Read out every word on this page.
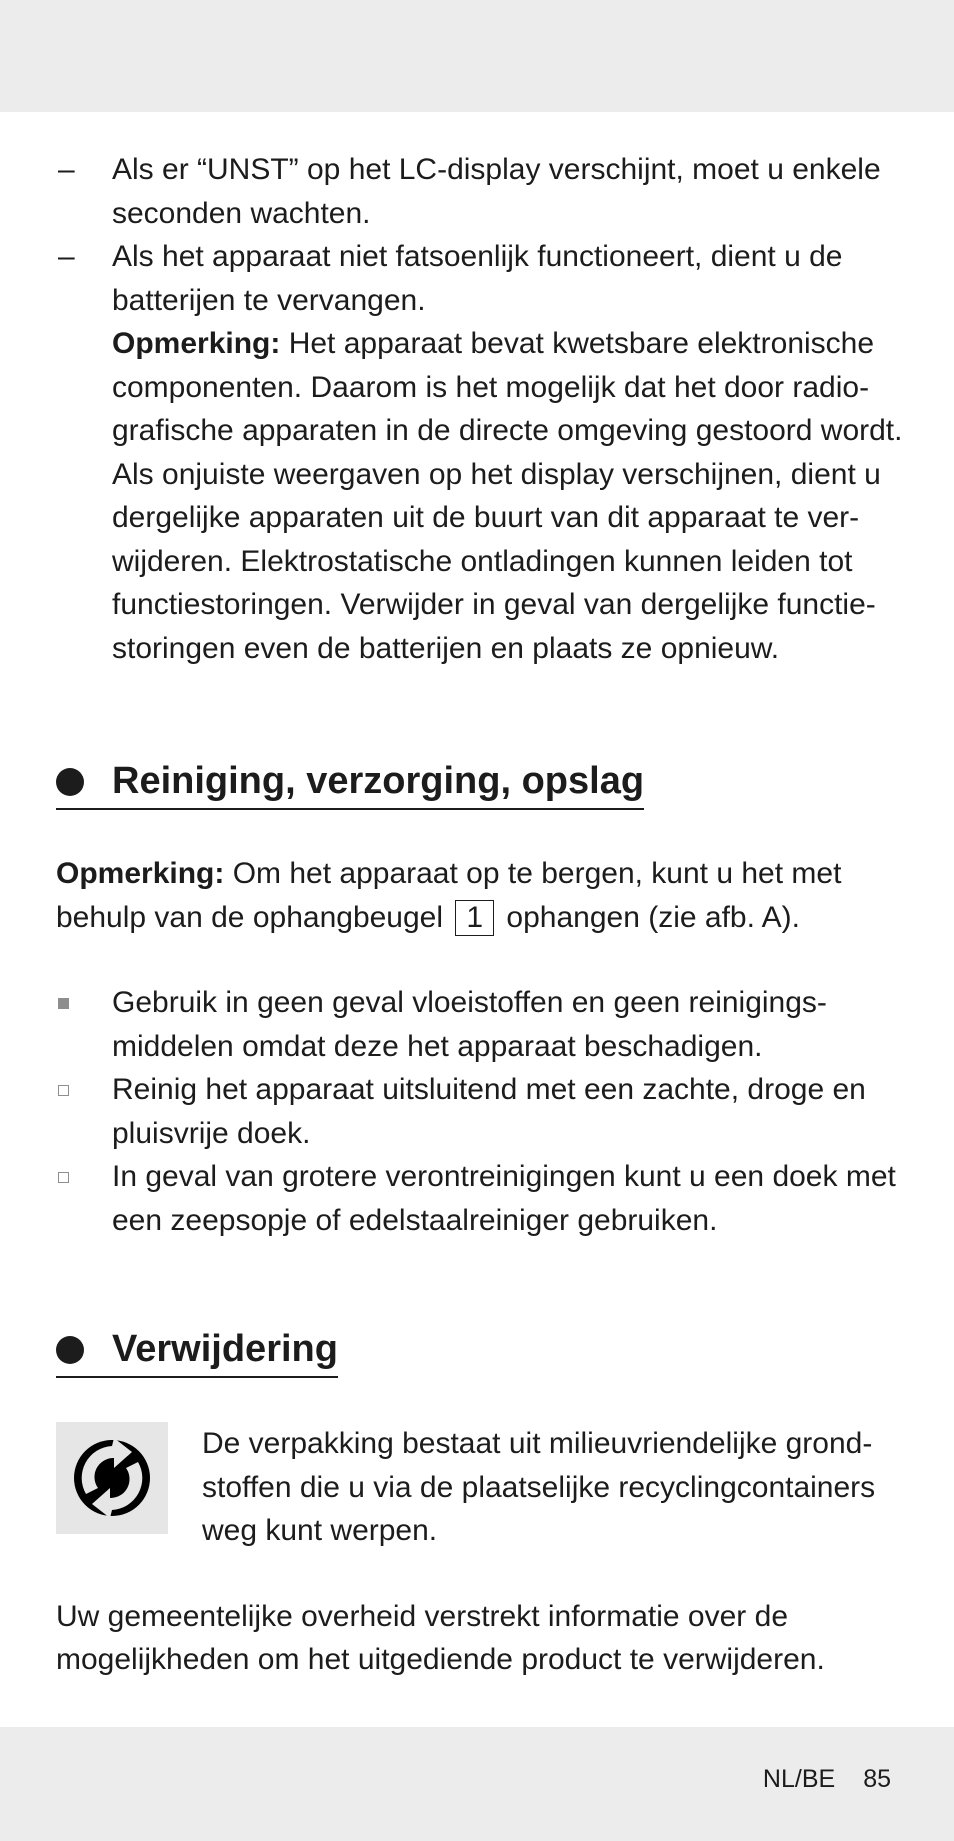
– Als er “UNST” op het LC-display verschijnt, moet u enkele seconden wachten.
– Als het apparaat niet fatsoenlijk functioneert, dient u de batterijen te vervangen.
Opmerking: Het apparaat bevat kwetsbare elektronische componenten. Daarom is het mogelijk dat het door radio-grafische apparaten in de directe omgeving gestoord wordt. Als onjuiste weergaven op het display verschijnen, dient u dergelijke apparaten uit de buurt van dit apparaat te ver-wijderen. Elektrostatische ontladingen kunnen leiden tot functiestoringen. Verwijder in geval van dergelijke functie-storingen even de batterijen en plaats ze opnieuw.
Reiniging, verzorging, opslag
Opmerking: Om het apparaat op te bergen, kunt u het met behulp van de ophangbeugel 1 ophangen (zie afb. A).
Gebruik in geen geval vloeistoffen en geen reinigings-middelen omdat deze het apparaat beschadigen.
Reinig het apparaat uitsluitend met een zachte, droge en pluisvrije doek.
In geval van grotere verontreinigingen kunt u een doek met een zeepsopje of edelstaalreiniger gebruiken.
Verwijdering
De verpakking bestaat uit milieuvriendelijke grond-stoffen die u via de plaatselijke recyclingcontainers weg kunt werpen.
Uw gemeentelijke overheid verstrekt informatie over de mogelijkheden om het uitgediende product te verwijderen.
NL/BE 85
